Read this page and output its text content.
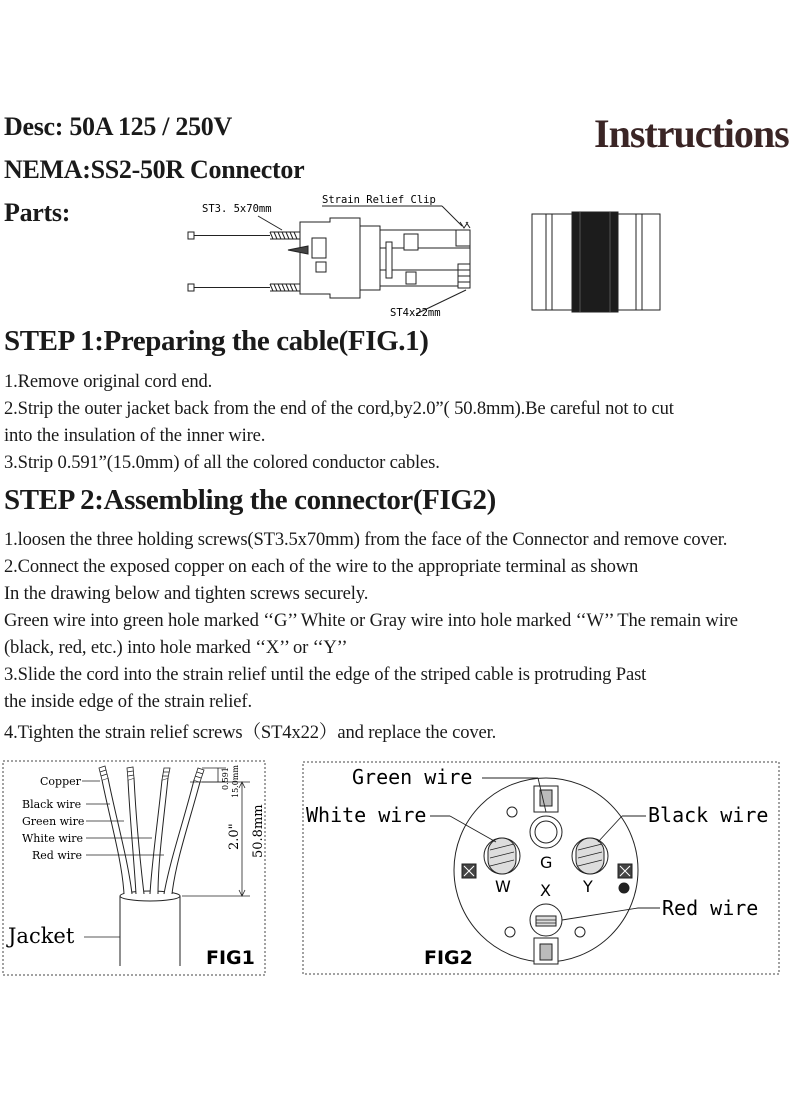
Desc: 50A 125 / 250V
NEMA:SS2-50R Connector
Parts:
Instructions
ST3. 5x70mm
Strain Relief Clip
ST4x22mm
STEP 1:Preparing the cable(FIG.1)
1.Remove original cord end.
2.Strip the outer jacket back from the end of the cord,by2.0”( 50.8mm).Be careful not to cut
into the insulation of the inner wire.
3.Strip 0.591”(15.0mm) of all the colored conductor cables.
STEP 2:Assembling the connector(FIG2)
1.loosen the three holding screws(ST3.5x70mm) from the face of the Connector and remove cover.
2.Connect the exposed copper on each of the wire to the appropriate terminal as shown
In the drawing below and tighten screws securely.
Green wire into green hole marked ‘‘G’’ White or Gray wire into hole marked ‘‘W’’ The remain wire
(black, red, etc.) into hole marked ‘‘X’’ or ‘‘Y’’
3.Slide the cord into the strain relief until the edge of the striped cable is protruding Past
the inside edge of the strain relief.
4.Tighten the strain relief screws（ST4x22）and replace the cover.
Copper
Black wire
Green wire
White wire
Red wire
Jacket
0.591 15.0mm
2.0" 50.8mm
FIG1
G
W X Y
Green wire
White wire	Black wire
Red wire
FIG2
